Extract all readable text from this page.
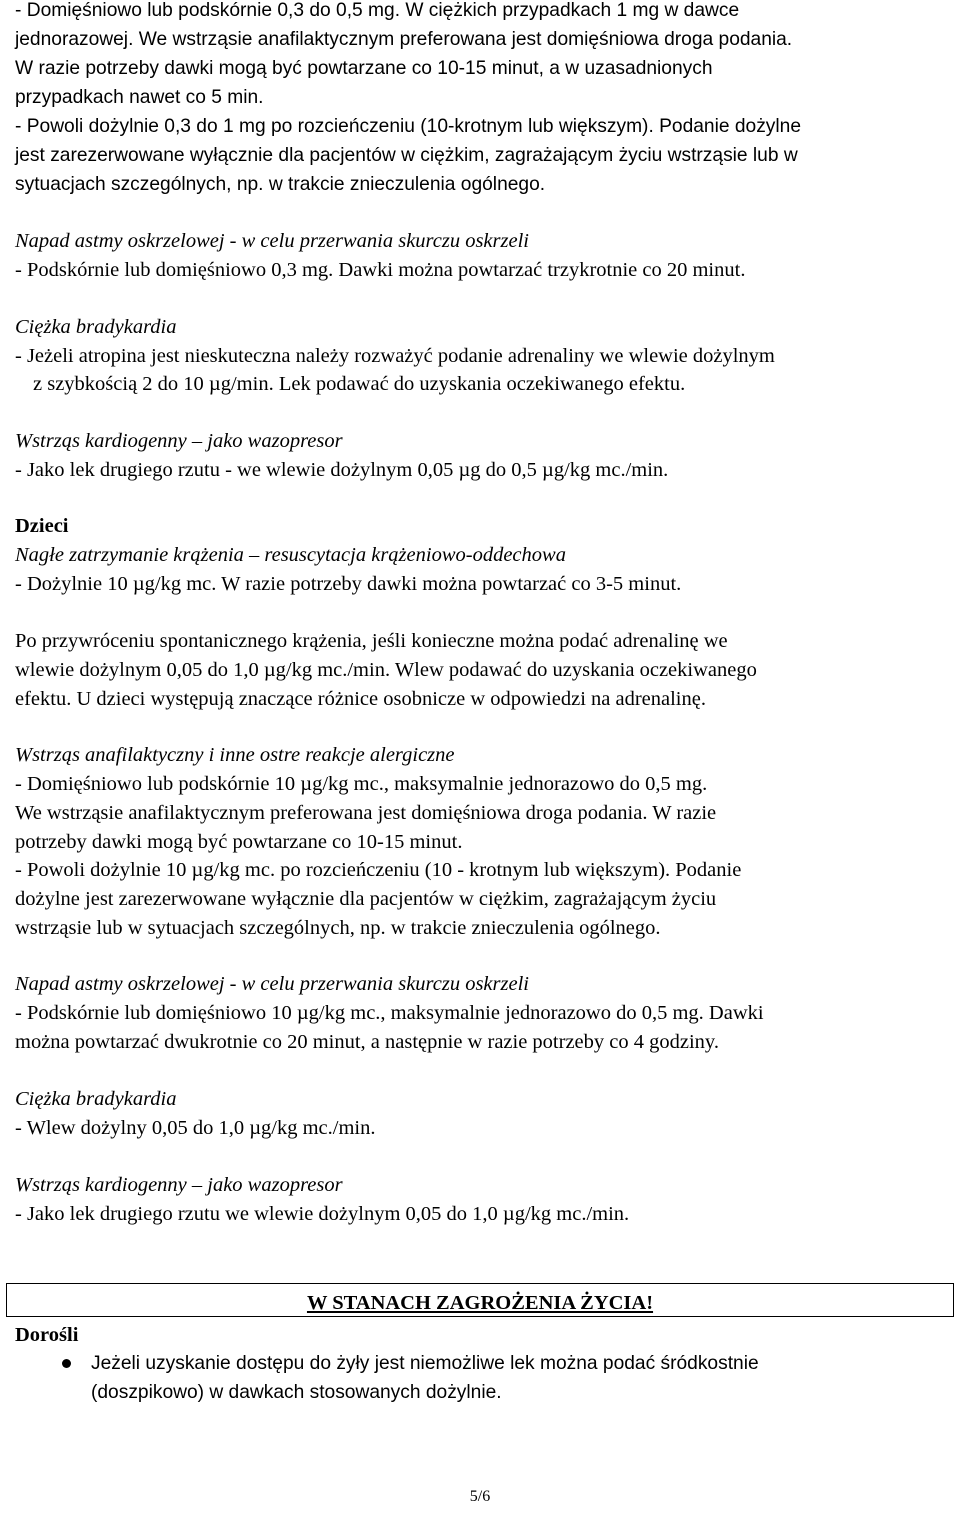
- Domięśniowo lub podskórnie 0,3 do 0,5 mg. W ciężkich przypadkach 1 mg w dawce
jednorazowej. We wstrząsie anafilaktycznym preferowana jest domięśniowa droga podania.
W razie potrzeby dawki mogą być powtarzane co 10-15 minut, a w uzasadnionych
przypadkach nawet co 5 min.
- Powoli dożylnie 0,3 do 1 mg po rozcieńczeniu (10-krotnym lub większym). Podanie dożylne
jest zarezerwowane wyłącznie dla pacjentów w ciężkim, zagrażającym życiu wstrząsie lub w
sytuacjach szczególnych, np. w trakcie znieczulenia ogólnego.
Napad astmy oskrzelowej - w celu przerwania skurczu oskrzeli
- Podskórnie lub domięśniowo 0,3 mg. Dawki można powtarzać trzykrotnie co 20 minut.
Ciężka bradykardia
- Jeżeli atropina jest nieskuteczna należy rozważyć podanie adrenaliny we wlewie dożylnym
z szybkością 2 do 10 µg/min. Lek podawać do uzyskania oczekiwanego efektu.
Wstrząs kardiogenny – jako wazopresor
- Jako lek drugiego rzutu - we wlewie dożylnym 0,05 µg do 0,5 µg/kg mc./min.
Dzieci
Nagłe zatrzymanie krążenia – resuscytacja krążeniowo-oddechowa
- Dożylnie 10 µg/kg mc. W razie potrzeby dawki można powtarzać co 3-5 minut.
Po przywróceniu spontanicznego krążenia, jeśli konieczne można podać adrenalinę we
wlewie dożylnym 0,05 do 1,0 µg/kg mc./min. Wlew podawać do uzyskania oczekiwanego
efektu. U dzieci występują znaczące różnice osobnicze w odpowiedzi na adrenalinę.
Wstrząs anafilaktyczny i inne ostre reakcje alergiczne
- Domięśniowo lub podskórnie 10 µg/kg mc., maksymalnie jednorazowo do 0,5 mg.
We wstrząsie anafilaktycznym preferowana jest domięśniowa droga podania. W razie
potrzeby dawki mogą być powtarzane co 10-15 minut.
- Powoli dożylnie 10 µg/kg mc. po rozcieńczeniu (10 - krotnym lub większym). Podanie
dożylne jest zarezerwowane wyłącznie dla pacjentów w ciężkim, zagrażającym życiu
wstrząsie lub w sytuacjach szczególnych, np. w trakcie znieczulenia ogólnego.
Napad astmy oskrzelowej - w celu przerwania skurczu oskrzeli
- Podskórnie lub domięśniowo 10 µg/kg mc., maksymalnie jednorazowo do 0,5 mg. Dawki
można powtarzać dwukrotnie co 20 minut, a następnie w razie potrzeby co 4 godziny.
Ciężka bradykardia
- Wlew dożylny 0,05 do 1,0 µg/kg mc./min.
Wstrząs kardiogenny – jako wazopresor
- Jako lek drugiego rzutu we wlewie dożylnym 0,05 do 1,0 µg/kg mc./min.
W STANACH ZAGROŻENIA ŻYCIA!
Dorośli
Jeżeli uzyskanie dostępu do żyły jest niemożliwe lek można podać śródkostnie
(doszpikowo) w dawkach stosowanych dożylnie.
5/6
